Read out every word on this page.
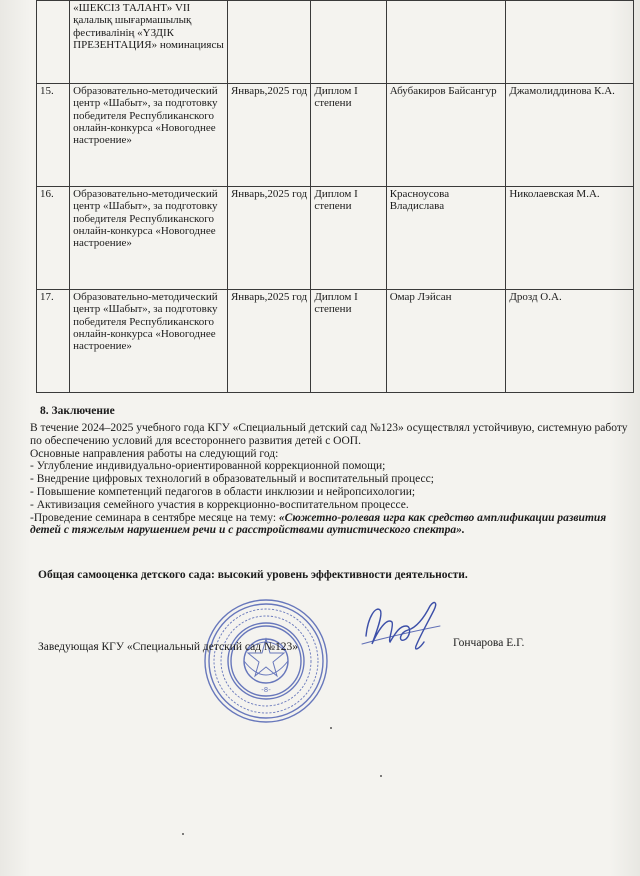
	«ШЕКСІЗ ТАЛАНТ» VII қалалық шығармашылық фестивалінің «ҮЗДІК ПРЕЗЕНТАЦИЯ» номинациясы				
15.	Образовательно-методический центр «Шабыт», за подготовку победителя Республиканского онлайн-конкурса «Новогоднее настроение»	Январь,2025 год	Диплом I степени	Абубакиров Байсангур	Джамолиддинова К.А.
16.	Образовательно-методический центр «Шабыт», за подготовку победителя Республиканского онлайн-конкурса «Новогоднее настроение»	Январь,2025 год	Диплом I степени	Красноусова Владислава	Николаевская М.А.
17.	Образовательно-методический центр «Шабыт», за подготовку победителя Республиканского онлайн-конкурса «Новогоднее настроение»	Январь,2025 год	Диплом I степени	Омар Лэйсан	Дрозд О.А.
8. Заключение

В течение 2024–2025 учебного года КГУ «Специальный детский сад №123» осуществлял устойчивую, системную работу по обеспечению условий для всестороннего развития детей с ООП.

Основные направления работы на следующий год:

- Углубление индивидуально-ориентированной коррекционной помощи;

- Внедрение цифровых технологий в образовательный и воспитательный процесс;

- Повышение компетенций педагогов в области инклюзии и нейропсихологии;

- Активизация семейного участия в коррекционно-воспитательном процессе.

-Проведение семинара в сентябре месяце на тему: «Сюжетно-ролевая игра как средство амплификации развития детей с тяжелым нарушением речи и с расстройствами аутистического спектра».

Общая самооценка детского сада: высокий уровень эффективности деятельности.
-8-
Заведующая КГУ «Специальный детский сад №123»	Гончарова Е.Г.
